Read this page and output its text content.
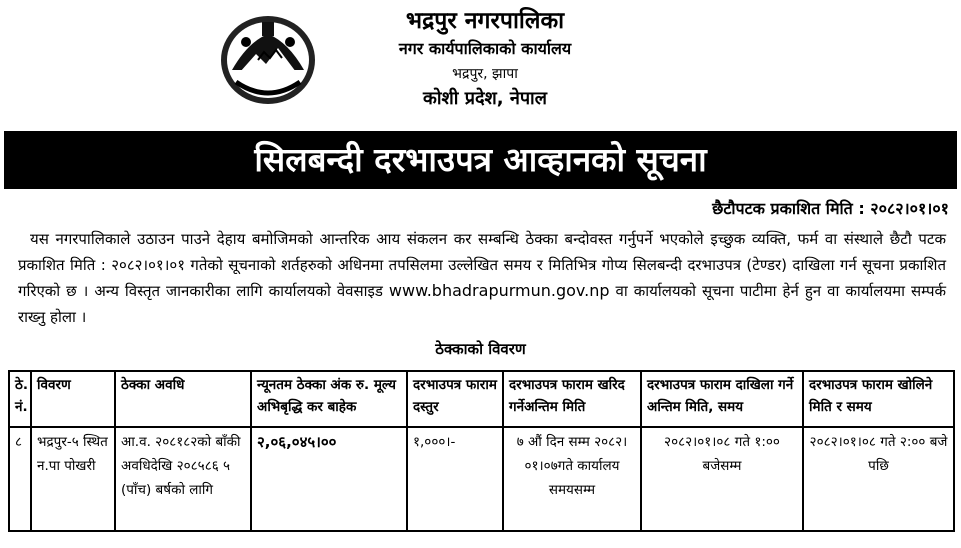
भद्रपुर नगरपालिका
नगर कार्यपालिकाको कार्यालय
भद्रपुर, झापा
कोशी प्रदेश, नेपाल
सिलबन्दी दरभाउपत्र आव्हानको सूचना
छैटौपटक प्रकाशित मिति : २०८२।०१।०१
यस नगरपालिकाले उठाउन पाउने देहाय बमोजिमको आन्तरिक आय संकलन कर सम्बन्धि ठेक्का बन्दोवस्त गर्नुपर्ने भएकोले इच्छुक व्यक्ति, फर्म वा संस्थाले छैटौ पटक प्रकाशित मिति : २०८२।०१।०१ गतेको सूचनाको शर्तहरुको अधिनमा तपसिलमा उल्लेखित समय र मितिभित्र गोप्य सिलबन्दी दरभाउपत्र (टेण्डर) दाखिला गर्न सूचना प्रकाशित गरिएको छ । अन्य विस्तृत जानकारीका लागि कार्यालयको वेवसाइड www.bhadrapurmun.gov.np वा कार्यालयको सूचना पाटीमा हेर्न हुन वा कार्यालयमा सम्पर्क राख्नु होला ।
ठेक्काको विवरण
ठे. नं.	विवरण	ठेक्का अवधि	न्यूनतम ठेक्का अंक रु. मूल्य अभिबृद्धि कर बाहेक	दरभाउपत्र फाराम दस्तुर	दरभाउपत्र फाराम खरिद गर्नेअन्तिम मिति	दरभाउपत्र फाराम दाखिला गर्ने अन्तिम मिति, समय	दरभाउपत्र फाराम खोलिने मिति र समय
८	भद्रपुर-५ स्थित न.पा पोखरी	आ.व. २०८१८२को बाँकी अवधिदेखि २०८५८६ ५ (पाँच) बर्षको लागि	२,०६,०४५।००	१,०००।-	७ औं दिन सम्म २०८२।०१।०७गते कार्यालय समयसम्म	२०८२।०१।०८ गते १:०० बजेसम्म	२०८२।०१।०८ गते २:०० बजे पछि
